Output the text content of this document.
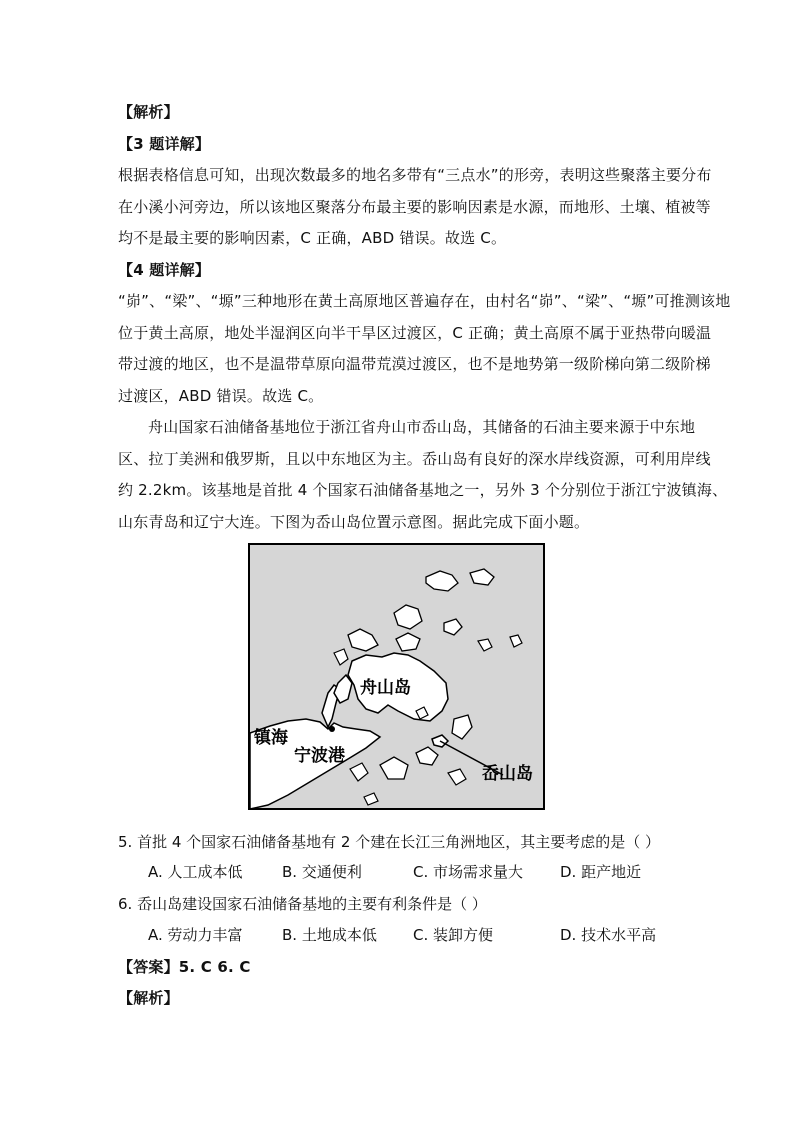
【解析】
【3 题详解】
根据表格信息可知，出现次数最多的地名多带有“三点水”的形旁，表明这些聚落主要分布
在小溪小河旁边，所以该地区聚落分布最主要的影响因素是水源，而地形、土壤、植被等
均不是最主要的影响因素，C 正确，ABD 错误。故选 C。
【4 题详解】
“峁”、“梁”、“塬”三种地形在黄土高原地区普遍存在，由村名“峁”、“梁”、“塬”可推测该地
位于黄土高原，地处半湿润区向半干旱区过渡区，C 正确；黄土高原不属于亚热带向暖温
带过渡的地区，也不是温带草原向温带荒漠过渡区，也不是地势第一级阶梯向第二级阶梯
过渡区，ABD 错误。故选 C。
舟山国家石油储备基地位于浙江省舟山市岙山岛，其储备的石油主要来源于中东地
区、拉丁美洲和俄罗斯，且以中东地区为主。岙山岛有良好的深水岸线资源，可利用岸线
约 2.2km。该基地是首批 4 个国家石油储备基地之一，另外 3 个分别位于浙江宁波镇海、
山东青岛和辽宁大连。下图为岙山岛位置示意图。据此完成下面小题。
舟山岛
镇海
宁波港
岙山岛
5. 首批 4 个国家石油储备基地有 2 个建在长江三角洲地区，其主要考虑的是（ ）
A. 人工成本低	B. 交通便利	C. 市场需求量大 D. 距产地近
6. 岙山岛建设国家石油储备基地的主要有利条件是（ ）
A. 劳动力丰富	B. 土地成本低 C. 装卸方便	D. 技术水平高
【答案】5. C 6. C
【解析】
